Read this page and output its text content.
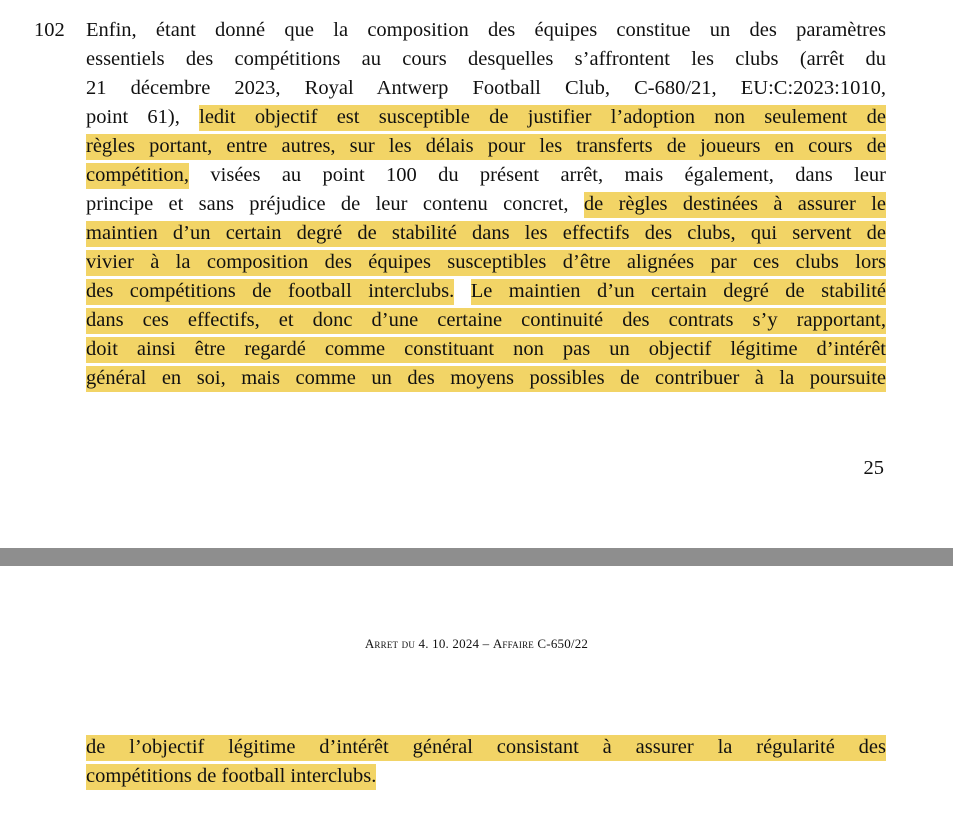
102 Enfin, étant donné que la composition des équipes constitue un des paramètres
essentiels des compétitions au cours desquelles s’affrontent les clubs (arrêt du
21 décembre 2023, Royal Antwerp Football Club, C-680/21, EU:C:2023:1010,
point 61), ledit objectif est susceptible de justifier l’adoption non seulement de
règles portant, entre autres, sur les délais pour les transferts de joueurs en cours de
compétition, visées au point 100 du présent arrêt, mais également, dans leur
principe et sans préjudice de leur contenu concret, de règles destinées à assurer le
maintien d’un certain degré de stabilité dans les effectifs des clubs, qui servent de
vivier à la composition des équipes susceptibles d’être alignées par ces clubs lors
des compétitions de football interclubs. Le maintien d’un certain degré de stabilité
dans ces effectifs, et donc d’une certaine continuité des contrats s’y rapportant,
doit ainsi être regardé comme constituant non pas un objectif légitime d’intérêt
général en soi, mais comme un des moyens possibles de contribuer à la poursuite
25
Arret du 4. 10. 2024 – Affaire C-650/22
de l’objectif légitime d’intérêt général consistant à assurer la régularité des
compétitions de football interclubs.
